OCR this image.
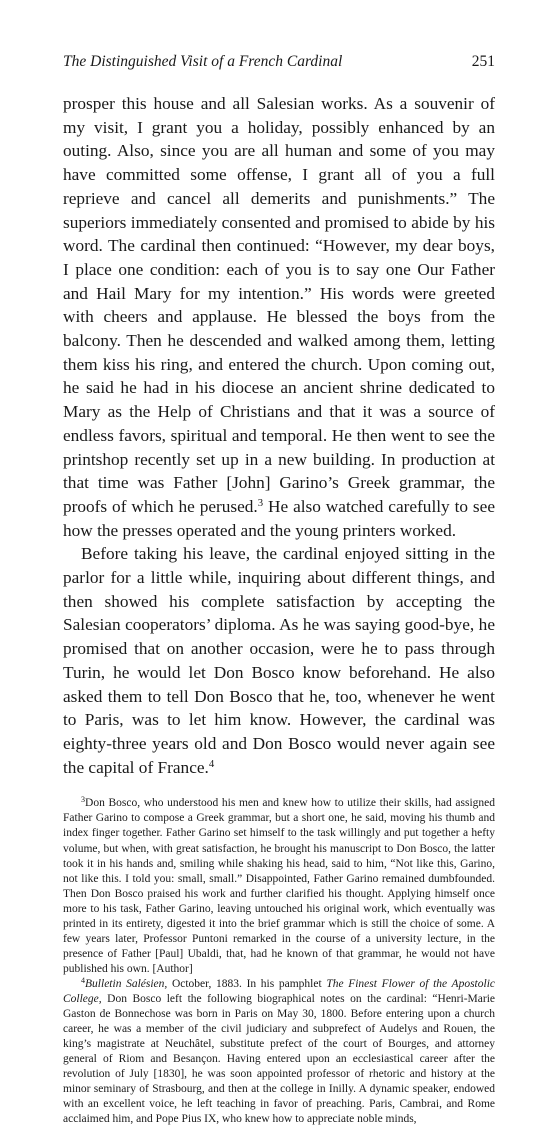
The Distinguished Visit of a French Cardinal	251

prosper this house and all Salesian works. As a souvenir of my visit, I grant you a holiday, possibly enhanced by an outing. Also, since you are all human and some of you may have committed some offense, I grant all of you a full reprieve and cancel all demerits and punishments.” The superiors immediately consented and promised to abide by his word. The cardinal then continued: “However, my dear boys, I place one condition: each of you is to say one Our Father and Hail Mary for my intention.” His words were greeted with cheers and applause. He blessed the boys from the balcony. Then he descended and walked among them, letting them kiss his ring, and entered the church. Upon coming out, he said he had in his diocese an ancient shrine dedicated to Mary as the Help of Christians and that it was a source of endless favors, spiritual and temporal. He then went to see the printshop recently set up in a new building. In production at that time was Father [John] Garino’s Greek grammar, the proofs of which he perused.$^3$ He also watched carefully to see how the presses operated and the young printers worked.

Before taking his leave, the cardinal enjoyed sitting in the parlor for a little while, inquiring about different things, and then showed his complete satisfaction by accepting the Salesian cooperators’ diploma. As he was saying good-bye, he promised that on another occasion, were he to pass through Turin, he would let Don Bosco know beforehand. He also asked them to tell Don Bosco that he, too, whenever he went to Paris, was to let him know. However, the cardinal was eighty-three years old and Don Bosco would never again see the capital of France.$^4$

$^3$Don Bosco, who understood his men and knew how to utilize their skills, had assigned Father Garino to compose a Greek grammar, but a short one, he said, moving his thumb and index finger together. Father Garino set himself to the task willingly and put together a hefty volume, but when, with great satisfaction, he brought his manuscript to Don Bosco, the latter took it in his hands and, smiling while shaking his head, said to him, “Not like this, Garino, not like this. I told you: small, small.” Disappointed, Father Garino remained dumbfounded. Then Don Bosco praised his work and further clarified his thought. Applying himself once more to his task, Father Garino, leaving untouched his original work, which eventually was printed in its entirety, digested it into the brief grammar which is still the choice of some. A few years later, Professor Puntoni remarked in the course of a university lecture, in the presence of Father [Paul] Ubaldi, that, had he known of that grammar, he would not have published his own. [Author]

$^4$Bulletin Salésien, October, 1883. In his pamphlet The Finest Flower of the Apostolic College, Don Bosco left the following biographical notes on the cardinal: “Henri-Marie Gaston de Bonnechose was born in Paris on May 30, 1800. Before entering upon a church career, he was a member of the civil judiciary and subprefect of Audelys and Rouen, the king’s magistrate at Neuchâtel, substitute prefect of the court of Bourges, and attorney general of Riom and Besançon. Having entered upon an ecclesiastical career after the revolution of July [1830], he was soon appointed professor of rhetoric and history at the minor seminary of Strasbourg, and then at the college in Inilly. A dynamic speaker, endowed with an excellent voice, he left teaching in favor of preaching. Paris, Cambrai, and Rome acclaimed him, and Pope Pius IX, who knew how to appreciate noble minds,
